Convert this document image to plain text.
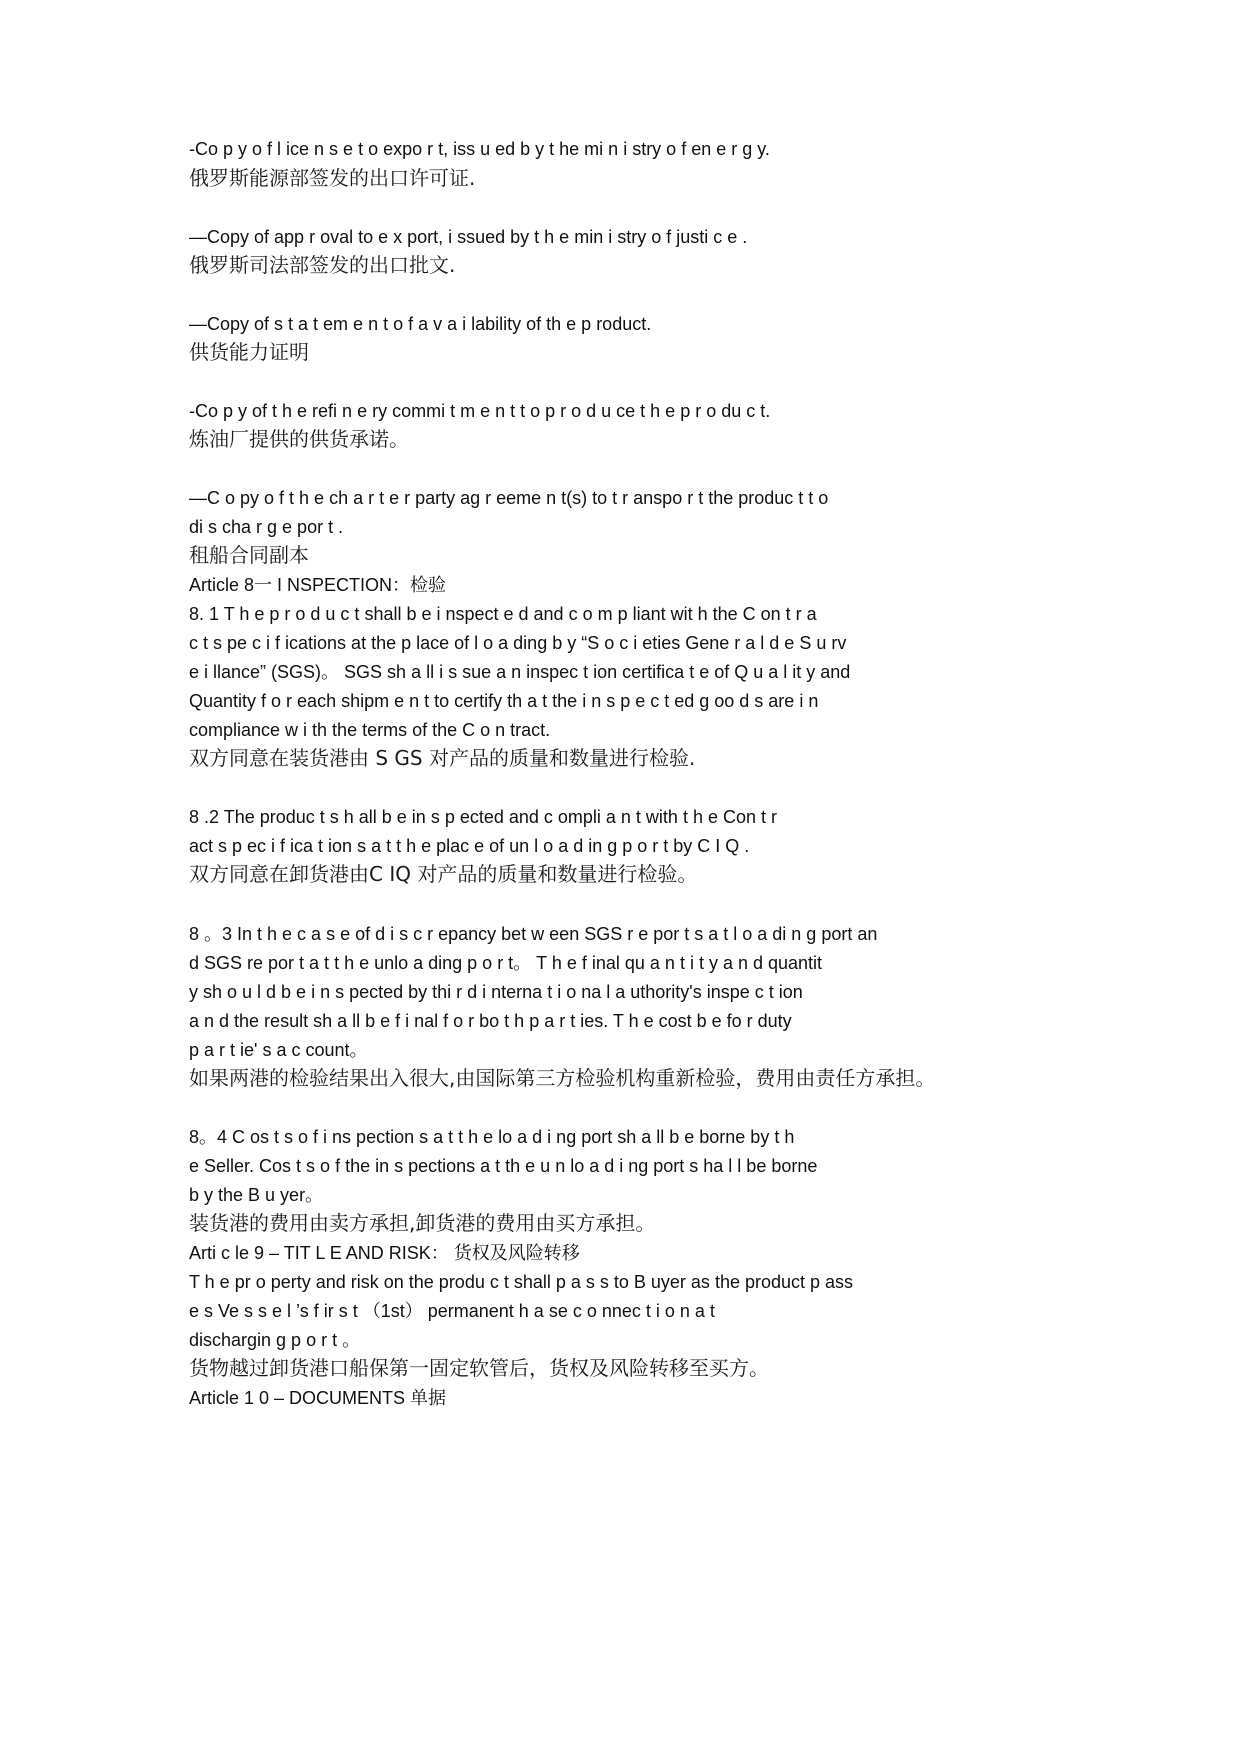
-Co p y o f l ice n s e t o expo r t, iss u ed b y t he mi n i stry o f en e r g y.
俄罗斯能源部签发的出口许可证.
—Copy of app r oval to e x port, i ssued by t h e min i stry o f justi c e .
俄罗斯司法部签发的出口批文.
—Copy of s t a t em e n t o f a v a i lability of th e p roduct.
供货能力证明
-Co p y of t h e refi n e ry commi t m e n t t o p r o d u ce t h e p r o du c t.
炼油厂提供的供货承诺。
—C o py o f t h e ch a r t e r party ag r eeme n t(s) to t r anspo r t the produc t t o
di s cha r g e por t .
租船合同副本
Article 8一 I NSPECTION：检验
8. 1 T h e p r o d u c t shall b e i nspect e d and c o m p liant wit h the C on t r a
c t s pe c i f ications at the p lace of l o a ding b y “S o c i eties Gene r a l d e S u rv
e i llance” (SGS)。 SGS sh a ll i s sue a n inspec t ion certifica t e of Q u a l it y and
Quantity f o r each shipm e n t to certify th a t the i n s p e c t ed g oo d s are i n
compliance w i th the terms of the C o n tract.
双方同意在装货港由 S GS 对产品的质量和数量进行检验.
8 .2 The produc t s h all b e in s p ected and c ompli a n t with t h e Con t r
act s p ec i f ica t ion s a t t h e plac e of un l o a d in g p o r t by C I Q .
双方同意在卸货港由C IQ 对产品的质量和数量进行检验。
8 。3 In t h e c a s e of d i s c r epancy bet w een SGS r e por t s a t l o a di n g port an
d SGS re por t a t t h e unlo a ding p o r t。 T h e f inal qu a n t i t y a n d quantit
y sh o u l d b e i n s pected by thi r d i nterna t i o na l a uthority's inspe c t ion
a n d the result sh a ll b e f i nal f o r bo t h p a r t ies. T h e cost b e fo r duty
p a r t ie' s a c count。
如果两港的检验结果出入很大,由国际第三方检验机构重新检验，费用由责任方承担。
8。4 C os t s o f i ns pection s a t t h e lo a d i ng port sh a ll b e borne by t h
e Seller. Cos t s o f the in s pections a t th e u n lo a d i ng port s ha l l be borne
b y the B u yer。
装货港的费用由卖方承担,卸货港的费用由买方承担。
Arti c le 9 – TIT L E AND RISK： 货权及风险转移
T h e pr o perty and risk on the produ c t shall p a s s to B uyer as the product p ass
e s Ve s s e l ’s f ir s t （1st） permanent h a se c o nnec t i o n a t
dischargin g p o r t 。
货物越过卸货港口船保第一固定软管后，货权及风险转移至买方。
Article 1 0 – DOCUMENTS 单据
